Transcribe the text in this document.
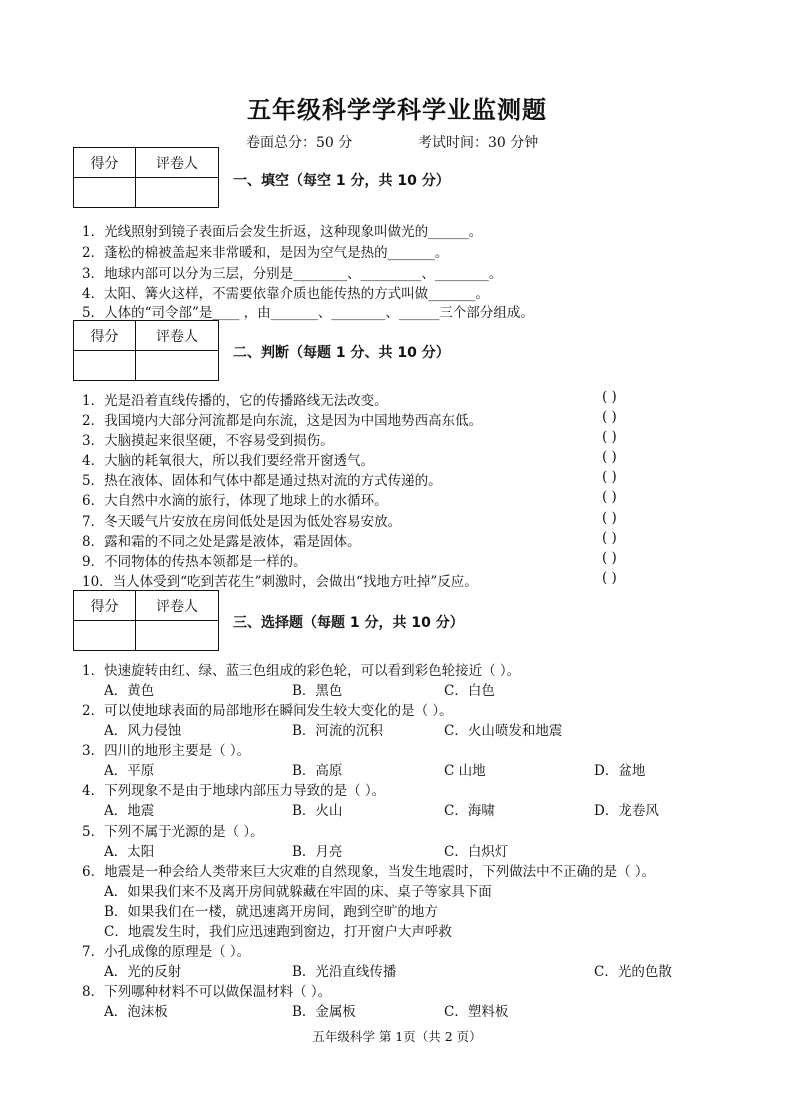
五年级科学学科学业监测题
卷面总分：50 分	考试时间：30 分钟
得分	评卷人

一、填空（每空 1 分，共 10 分）
1．光线照射到镜子表面后会发生折返，这种现象叫做光的______。
2．蓬松的棉被盖起来非常暖和，是因为空气是热的_______。
3．地球内部可以分为三层，分别是________、_________、________。
4．太阳、篝火这样，不需要依靠介质也能传热的方式叫做_______。
5．人体的“司令部”是____ ，由_______、________、______三个部分组成。
得分	评卷人

二、判断（每题 1 分、共 10 分）
1．光是沿着直线传播的，它的传播路线无法改变。	( )
2．我国境内大部分河流都是向东流，这是因为中国地势西高东低。	( )
3．大脑摸起来很坚硬，不容易受到损伤。	( )
4．大脑的耗氧很大，所以我们要经常开窗透气。	( )
5．热在液体、固体和气体中都是通过热对流的方式传递的。	( )
6．大自然中水滴的旅行，体现了地球上的水循环。	( )
7．冬天暖气片安放在房间低处是因为低处容易安放。	( )
8．露和霜的不同之处是露是液体，霜是固体。	( )
9．不同物体的传热本领都是一样的。	( )
10．当人体受到“吃到苦花生”刺激时，会做出“找地方吐掉”反应。	( )
得分	评卷人

三、选择题（每题 1 分，共 10 分）
1．快速旋转由红、绿、蓝三色组成的彩色轮，可以看到彩色轮接近（ ）。
A．黄色	B．黑色	C．白色
2．可以使地球表面的局部地形在瞬间发生较大变化的是（ ）。
A．风力侵蚀	B．河流的沉积	C．火山喷发和地震
3．四川的地形主要是（ ）。
A．平原	B．高原	C 山地	D．盆地
4．下列现象不是由于地球内部压力导致的是（ ）。
A．地震	B．火山	C．海啸	D．龙卷风
5．下列不属于光源的是（ ）。
A．太阳	B．月亮	C．白炽灯
6．地震是一种会给人类带来巨大灾难的自然现象，当发生地震时，下列做法中不正确的是（ ）。
A．如果我们来不及离开房间就躲藏在牢固的床、桌子等家具下面
B．如果我们在一楼，就迅速离开房间，跑到空旷的地方
C．地震发生时，我们应迅速跑到窗边，打开窗户大声呼救
7．小孔成像的原理是（ ）。
A．光的反射	B．光沿直线传播	C．光的色散
8．下列哪种材料不可以做保温材料（ ）。
A．泡沫板	B．金属板	C．塑料板
五年级科学 第 1页（共 2 页）
